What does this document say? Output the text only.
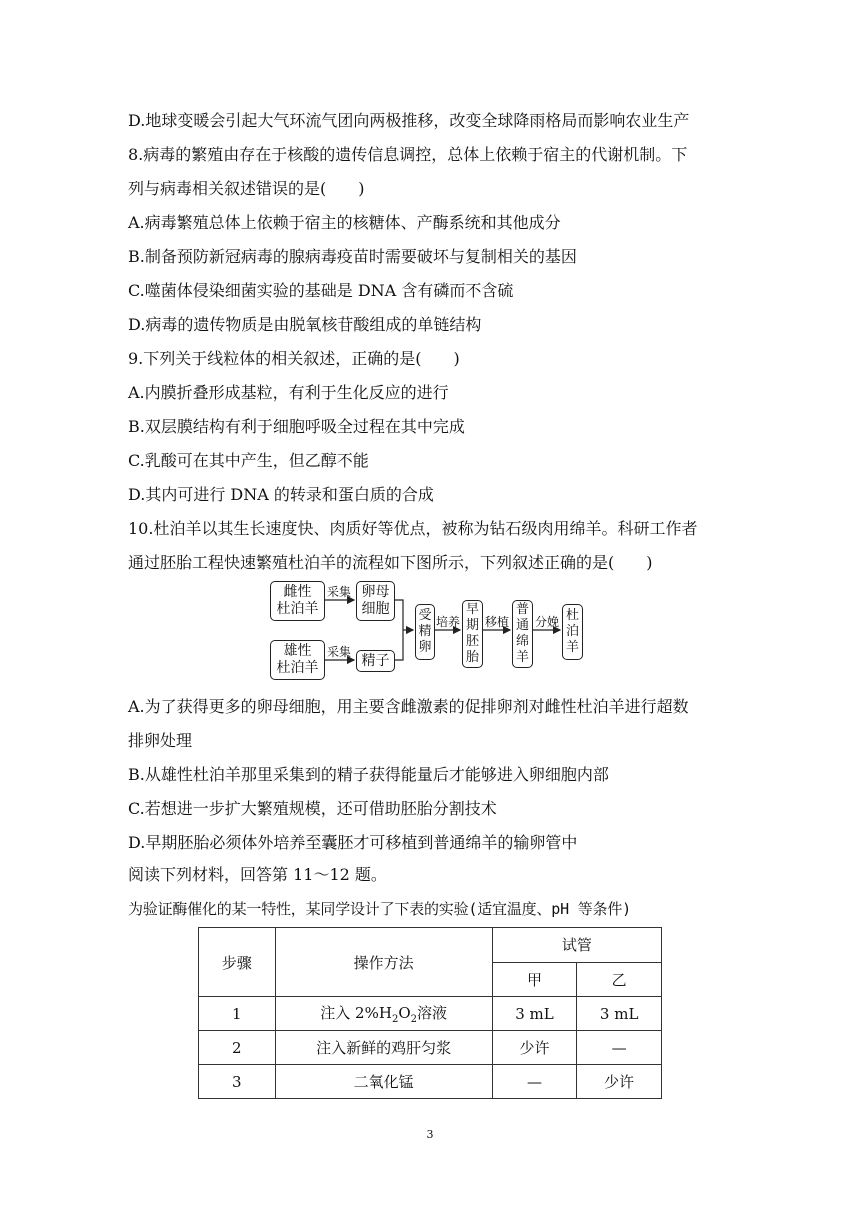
D.地球变暖会引起大气环流气团向两极推移，改变全球降雨格局而影响农业生产
8.病毒的繁殖由存在于核酸的遗传信息调控，总体上依赖于宿主的代谢机制。下
列与病毒相关叙述错误的是(　　)
A.病毒繁殖总体上依赖于宿主的核糖体、产酶系统和其他成分
B.制备预防新冠病毒的腺病毒疫苗时需要破坏与复制相关的基因
C.噬菌体侵染细菌实验的基础是 DNA 含有磷而不含硫
D.病毒的遗传物质是由脱氧核苷酸组成的单链结构
9.下列关于线粒体的相关叙述，正确的是(　　)
A.内膜折叠形成基粒，有利于生化反应的进行
B.双层膜结构有利于细胞呼吸全过程在其中完成
C.乳酸可在其中产生，但乙醇不能
D.其内可进行 DNA 的转录和蛋白质的合成
10.杜泊羊以其生长速度快、肉质好等优点，被称为钻石级肉用绵羊。科研工作者
通过胚胎工程快速繁殖杜泊羊的流程如下图所示，下列叙述正确的是(　　)
雌性
杜泊羊
卵母
细胞
雄性
杜泊羊	精子
受
精
卵
早
期
胚
胎
普
通
绵
羊
杜
泊
羊
采集
采集
培养 移植 分娩
A.为了获得更多的卵母细胞，用主要含雌激素的促排卵剂对雌性杜泊羊进行超数
排卵处理
B.从雄性杜泊羊那里采集到的精子获得能量后才能够进入卵细胞内部
C.若想进一步扩大繁殖规模，还可借助胚胎分割技术
D.早期胚胎必须体外培养至囊胚才可移植到普通绵羊的输卵管中
阅读下列材料，回答第 11～12 题。
为验证酶催化的某一特性，某同学设计了下表的实验(适宜温度、pH 等条件)
步骤	操作方法	试管	
		甲	乙
1	注入 $2\%H_2O_2$溶液	3 mL	3 mL
2	注入新鲜的鸡肝匀浆	少许	—
3	二氧化锰	—	少许
3
